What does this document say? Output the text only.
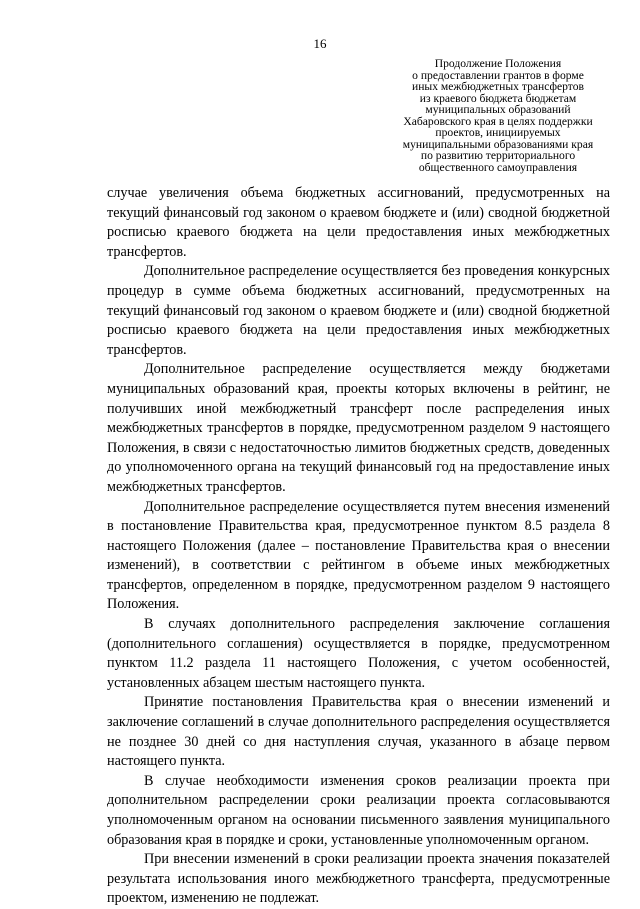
16
Продолжение Положения
о предоставлении грантов в форме
иных межбюджетных трансфертов
из краевого бюджета бюджетам
муниципальных образований
Хабаровского края в целях поддержки
проектов, инициируемых
муниципальными образованиями края
по развитию территориального
общественного самоуправления

случае увеличения объема бюджетных ассигнований, предусмотренных на текущий финансовый год законом о краевом бюджете и (или) сводной бюджетной росписью краевого бюджета на цели предоставления иных межбюджетных трансфертов.

Дополнительное распределение осуществляется без проведения конкурсных процедур в сумме объема бюджетных ассигнований, предусмотренных на текущий финансовый год законом о краевом бюджете и (или) сводной бюджетной росписью краевого бюджета на цели предоставления иных межбюджетных трансфертов.

Дополнительное распределение осуществляется между бюджетами муниципальных образований края, проекты которых включены в рейтинг, не получивших иной межбюджетный трансферт после распределения иных межбюджетных трансфертов в порядке, предусмотренном разделом 9 настоящего Положения, в связи с недостаточностью лимитов бюджетных средств, доведенных до уполномоченного органа на текущий финансовый год на предоставление иных межбюджетных трансфертов.

Дополнительное распределение осуществляется путем внесения изменений в постановление Правительства края, предусмотренное пунктом 8.5 раздела 8 настоящего Положения (далее – постановление Правительства края о внесении изменений), в соответствии с рейтингом в объеме иных межбюджетных трансфертов, определенном в порядке, предусмотренном разделом 9 настоящего Положения.

В случаях дополнительного распределения заключение соглашения (дополнительного соглашения) осуществляется в порядке, предусмотренном пунктом 11.2 раздела 11 настоящего Положения, с учетом особенностей, установленных абзацем шестым настоящего пункта.

Принятие постановления Правительства края о внесении изменений и заключение соглашений в случае дополнительного распределения осуществляется не позднее 30 дней со дня наступления случая, указанного в абзаце первом настоящего пункта.

В случае необходимости изменения сроков реализации проекта при дополнительном распределении сроки реализации проекта согласовываются уполномоченным органом на основании письменного заявления муниципального образования края в порядке и сроки, установленные уполномоченным органом.

При внесении изменений в сроки реализации проекта значения показателей результата использования иного межбюджетного трансферта, предусмотренные проектом, изменению не подлежат.
